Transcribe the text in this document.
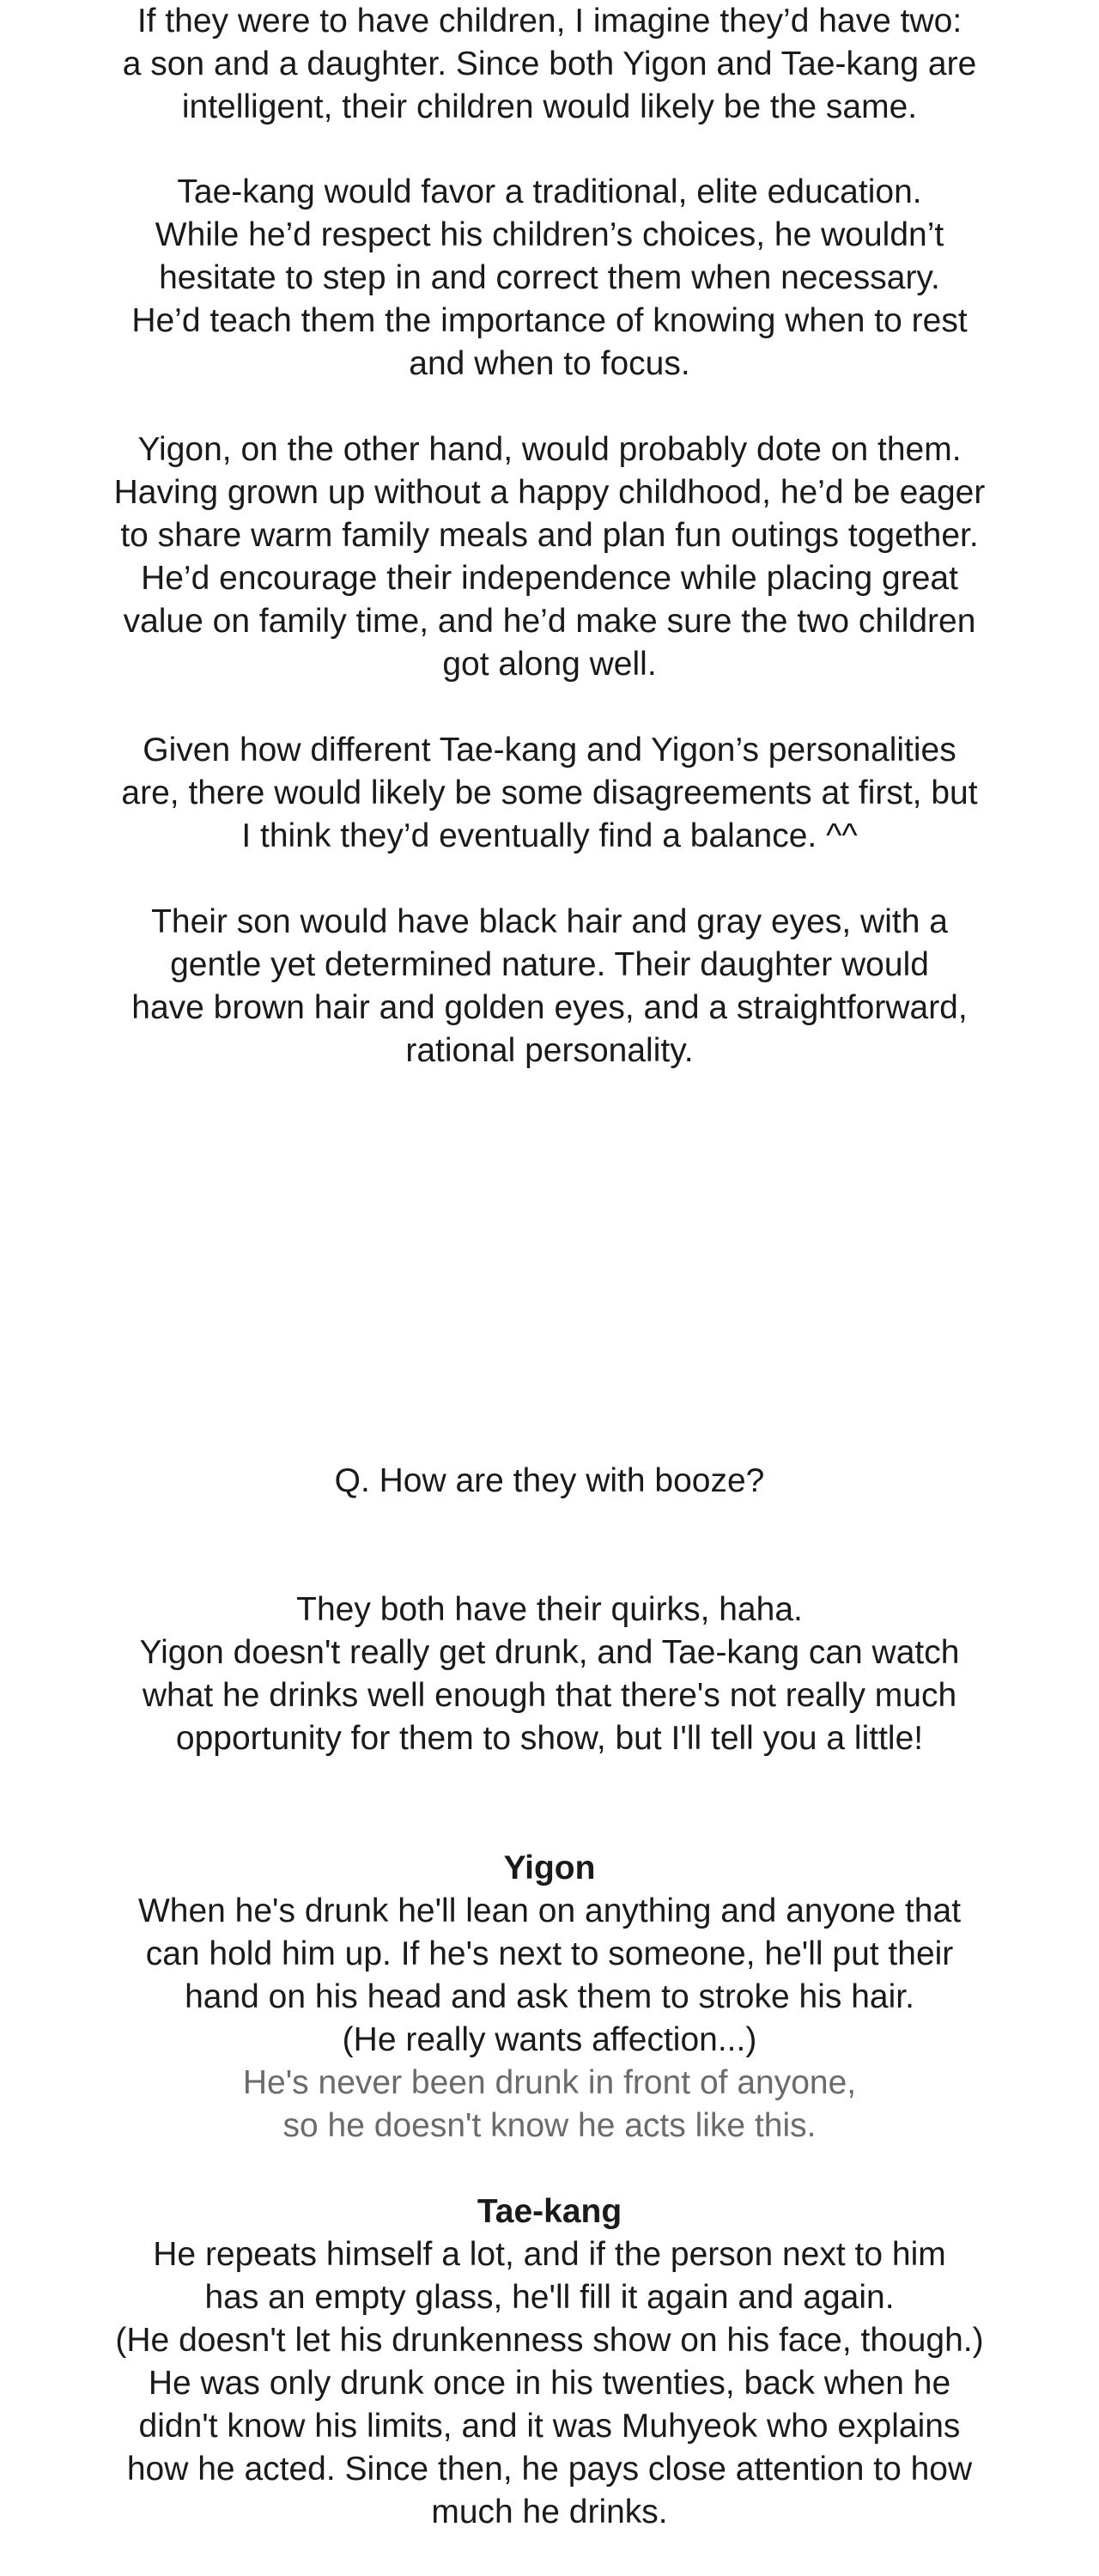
If they were to have children, I imagine they’d have two:
a son and a daughter. Since both Yigon and Tae-kang are
intelligent, their children would likely be the same.
Tae-kang would favor a traditional, elite education.
While he’d respect his children’s choices, he wouldn’t
hesitate to step in and correct them when necessary.
He’d teach them the importance of knowing when to rest
and when to focus.
Yigon, on the other hand, would probably dote on them.
Having grown up without a happy childhood, he’d be eager
to share warm family meals and plan fun outings together.
He’d encourage their independence while placing great
value on family time, and he’d make sure the two children
got along well.
Given how different Tae-kang and Yigon’s personalities
are, there would likely be some disagreements at first, but
I think they’d eventually find a balance. ^^
Their son would have black hair and gray eyes, with a
gentle yet determined nature. Their daughter would
have brown hair and golden eyes, and a straightforward,
rational personality.
Q. How are they with booze?
They both have their quirks, haha.
Yigon doesn't really get drunk, and Tae-kang can watch
what he drinks well enough that there's not really much
opportunity for them to show, but I'll tell you a little!
Yigon
When he's drunk he'll lean on anything and anyone that
can hold him up. If he's next to someone, he'll put their
hand on his head and ask them to stroke his hair.
(He really wants affection...)
He's never been drunk in front of anyone,
so he doesn't know he acts like this.
Tae-kang
He repeats himself a lot, and if the person next to him
has an empty glass, he'll fill it again and again.
(He doesn't let his drunkenness show on his face, though.)
He was only drunk once in his twenties, back when he
didn't know his limits, and it was Muhyeok who explains
how he acted. Since then, he pays close attention to how
much he drinks.
